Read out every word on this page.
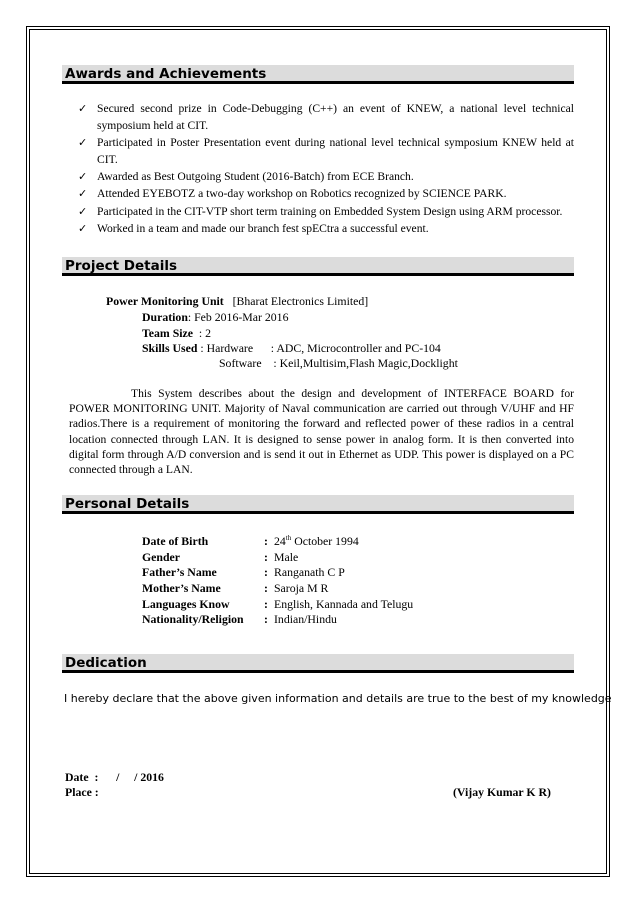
Awards and Achievements
✓ Secured second prize in Code-Debugging (C++) an event of KNEW, a national level technical symposium held at CIT.
✓ Participated in Poster Presentation event during national level technical symposium KNEW held at CIT.
✓ Awarded as Best Outgoing Student (2016-Batch) from ECE Branch.
✓ Attended EYEBOTZ a two-day workshop on Robotics recognized by SCIENCE PARK.
✓ Participated in the CIT-VTP short term training on Embedded System Design using ARM processor.
✓ Worked in a team and made our branch fest spECtra a successful event.
Project Details
Power Monitoring Unit [Bharat Electronics Limited]
Duration: Feb 2016-Mar 2016
Team Size : 2
Skills Used : Hardware      : ADC, Microcontroller and PC-104
Software    : Keil,Multisim,Flash Magic,Docklight
This System describes about the design and development of INTERFACE BOARD for POWER MONITORING UNIT. Majority of Naval communication are carried out through V/UHF and HF radios.There is a requirement of monitoring the forward and reflected power of these radios in a central location connected through LAN. It is designed to sense power in analog form. It is then converted into digital form through A/D conversion and is send it out in Ethernet as UDP. This power is displayed on a PC connected through a LAN.
Personal Details
Date of Birth	: 24th October 1994
Gender	: Male
Father’s Name	: Ranganath C P
Mother’s Name	: Saroja M R
Languages Know	: English, Kannada and Telugu
Nationality/Religion : Indian/Hindu
Dedication
I hereby declare that the above given information and details are true to the best of my knowledge
Date  :      /     / 2016
Place :	(Vijay Kumar K R)
